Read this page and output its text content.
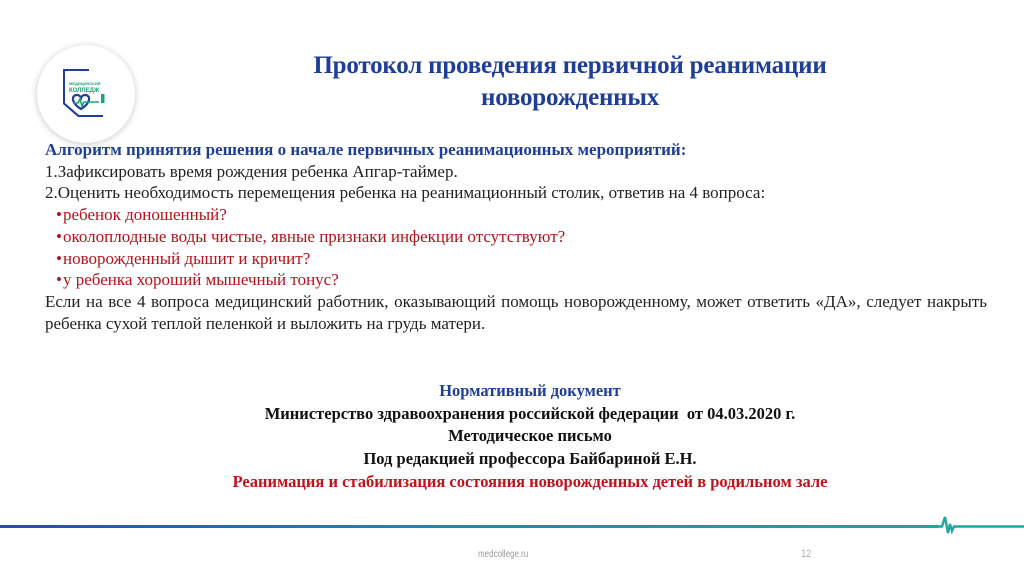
МЕДИЦИНСКИЙ
КОЛЛЕДЖ
Протокол проведения первичной реанимации
новорожденных
Алгоритм принятия решения о начале первичных реанимационных мероприятий:
1.Зафиксировать время рождения ребенка Апгар-таймер.
2.Оценить необходимость перемещения ребенка на реанимационный столик, ответив на 4 вопроса:
• ребенок доношенный?
• околоплодные воды чистые, явные признаки инфекции отсутствуют?
• новорожденный дышит и кричит?
• у ребенка хороший мышечный тонус?
Если на все 4 вопроса медицинский работник, оказывающий помощь новорожденному, может ответить «ДА», следует накрыть ребенка сухой теплой пеленкой и выложить на грудь матери.
Нормативный документ
Министерство здравоохранения российской федерации  от 04.03.2020 г.
Методическое письмо
Под редакцией профессора Байбариной Е.Н.
Реанимация и стабилизация состояния новорожденных детей в родильном зале
medcollege.ru	12
